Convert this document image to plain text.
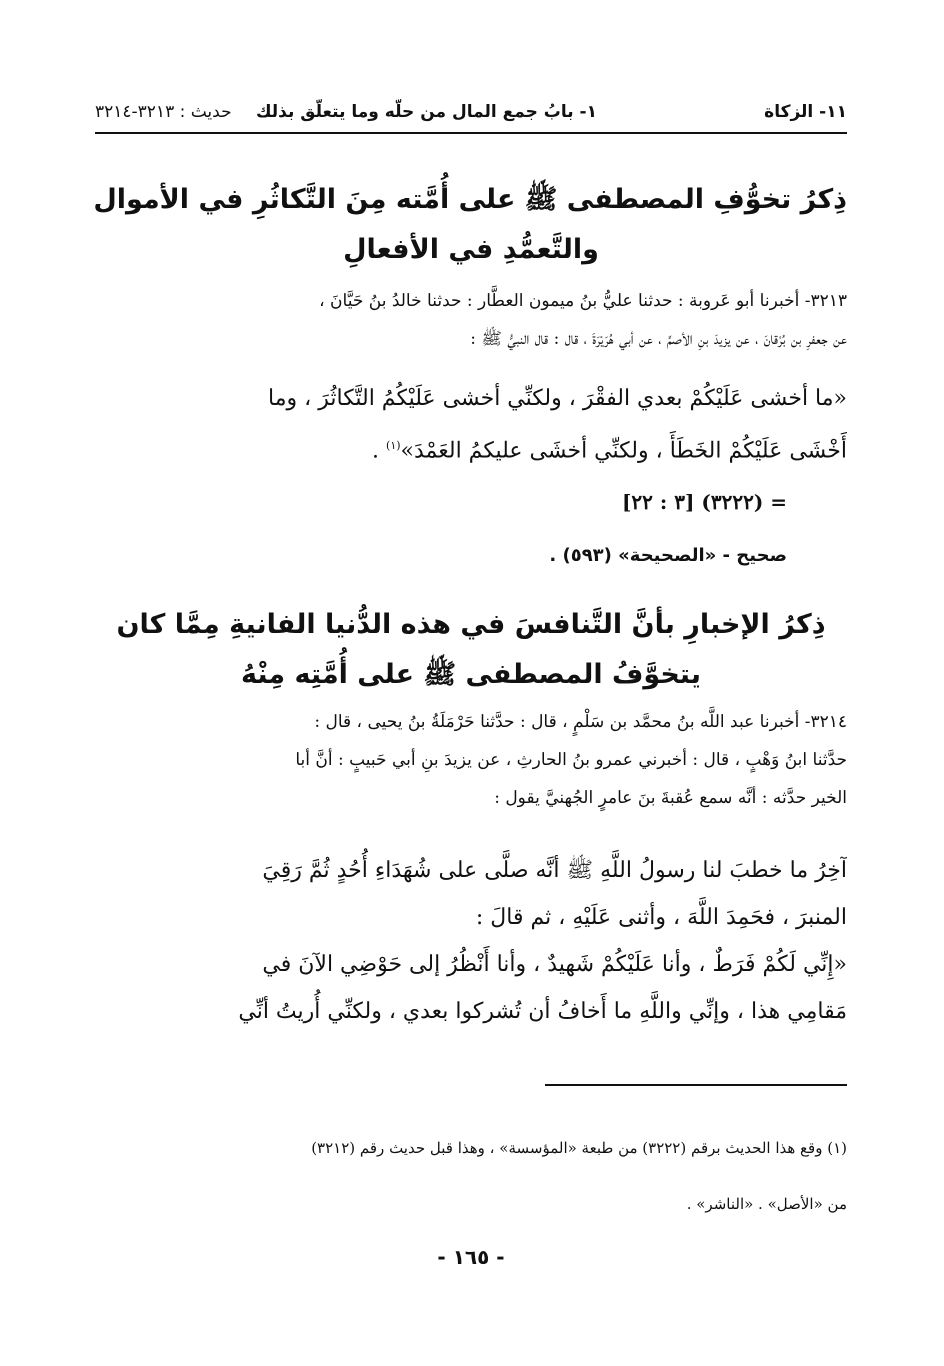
١١- الزكاة
١- بابُ جمع المال من حلّه وما يتعلّق بذلك
حديث : ٣٢١٣-٣٢١٤
ذِكرُ تخوُّفِ المصطفى ﷺ على أُمَّته مِنَ التَّكاثُرِ في الأموال
والتَّعمُّدِ في الأفعالِ
٣٢١٣- أخبرنا أبو عَروبة : حدثنا عليُّ بنُ ميمون العطَّار : حدثنا خالدُ بنُ حَيَّانَ ،
عن جعفرِ بن بُرْقانَ ، عن يزيدَ بنِ الأصمِّ ، عن أبي هُرَيْرَةَ ، قال : قال النبيُّ ﷺ :
«ما أخشى عَلَيْكُمْ بعدي الفقْرَ ، ولكنِّي أخشى عَلَيْكُمُ التَّكاثُرَ ، وما
أَخْشَى عَلَيْكُمْ الخَطَأَ ، ولكنِّي أخشَى عليكمُ العَمْدَ»$^{(١)}$ .
= (٣٢٢٢) [٣ : ٢٢]
صحيح - «الصحيحة» (٥٩٣) .
ذِكرُ الإخبارِ بأنَّ التَّنافسَ في هذه الدُّنيا الفانيةِ مِمَّا كان
يتخوَّفُ المصطفى ﷺ على أُمَّتِه مِنْهُ
٣٢١٤- أخبرنا عبد اللَّه بنُ محمَّد بن سَلْمٍ ، قال : حدَّثنا حَرْمَلَةُ بنُ يحيى ، قال :
حدَّثنا ابنُ وَهْبٍ ، قال : أخبرني عمرو بنُ الحارثِ ، عن يزيدَ بنِ أبي حَبيبٍ : أنَّ أبا
الخير حدَّثه : أنَّه سمع عُقبةَ بنَ عامرٍ الجُهنيَّ يقول :
آخِرُ ما خطبَ لنا رسولُ اللَّهِ ﷺ أنَّه صلَّى على شُهَدَاءِ أُحُدٍ ثُمَّ رَقِيَ
المنبرَ ، فحَمِدَ اللَّهَ ، وأثنى عَلَيْهِ ، ثم قالَ :
«إِنِّي لَكُمْ فَرَطٌ ، وأنا عَلَيْكُمْ شَهيدٌ ، وأنا أَنْظُرُ إلى حَوْضِي الآنَ في
مَقامِي هذا ، وإنِّي واللَّهِ ما أَخافُ أن تُشركوا بعدي ، ولكنِّي أُريتُ أنِّي
(١) وقع هذا الحديث برقم (٣٢٢٢) من طبعة «المؤسسة» ، وهذا قبل حديث رقم (٣٢١٢)
من «الأصل» . «الناشر» .
- ١٦٥ -
